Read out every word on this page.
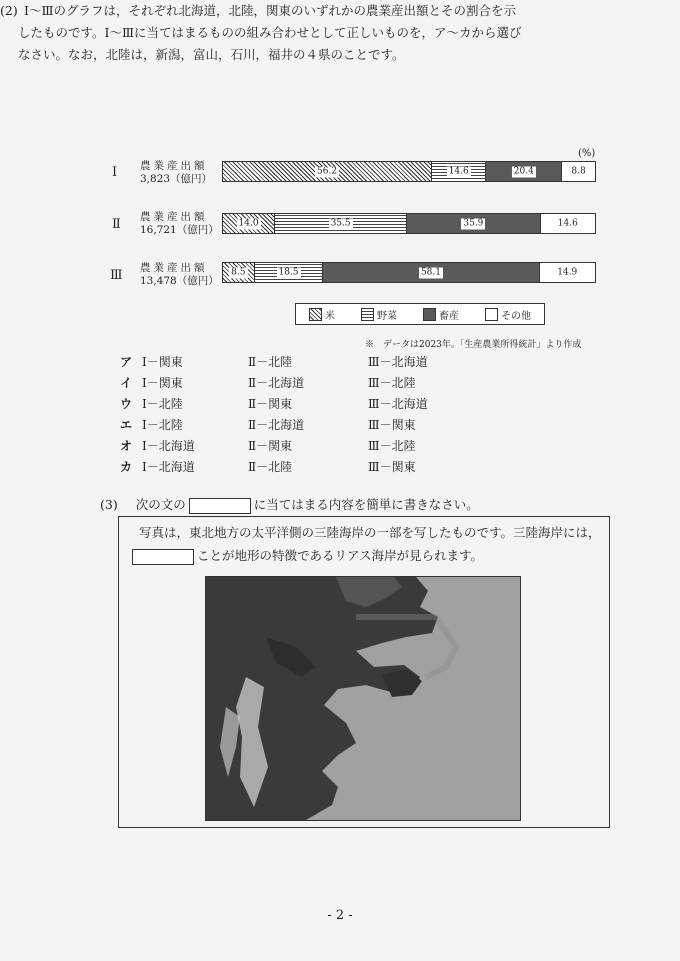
(2) Ⅰ～Ⅲのグラフは，それぞれ北海道，北陸，関東のいずれかの農業産出額とその割合を示
したものです。Ⅰ～Ⅲに当てはまるものの組み合わせとして正しいものを，ア～カから選び
なさい。なお，北陸は，新潟，富山，石川，福井の４県のことです。
(%)
Ⅰ 農業産出額
3,823（億円）
56.2	14.6	20.4	8.8
Ⅱ 農業産出額
16,721（億円）
14.0	35.5	35.9	14.6
Ⅲ 農業産出額
13,478（億円）
8.5	18.5	58.1	14.9
米	野菜	畜産	その他
※　データは2023年。「生産農業所得統計」より作成
ア Ⅰ－関東	Ⅱ－北陸	Ⅲ－北海道
イ Ⅰ－関東	Ⅱ－北海道	Ⅲ－北陸
ウ Ⅰ－北陸	Ⅱ－関東	Ⅲ－北海道
エ Ⅰ－北陸	Ⅱ－北海道	Ⅲ－関東
オ Ⅰ－北海道	Ⅱ－関東	Ⅲ－北陸
カ Ⅰ－北海道	Ⅱ－北陸	Ⅲ－関東
(3) 次の文の	に当てはまる内容を簡単に書きなさい。
写真は，東北地方の太平洋側の三陸海岸の一部を写したものです。三陸海岸には，
ことが地形の特徴であるリアス海岸が見られます。
- 2 -
